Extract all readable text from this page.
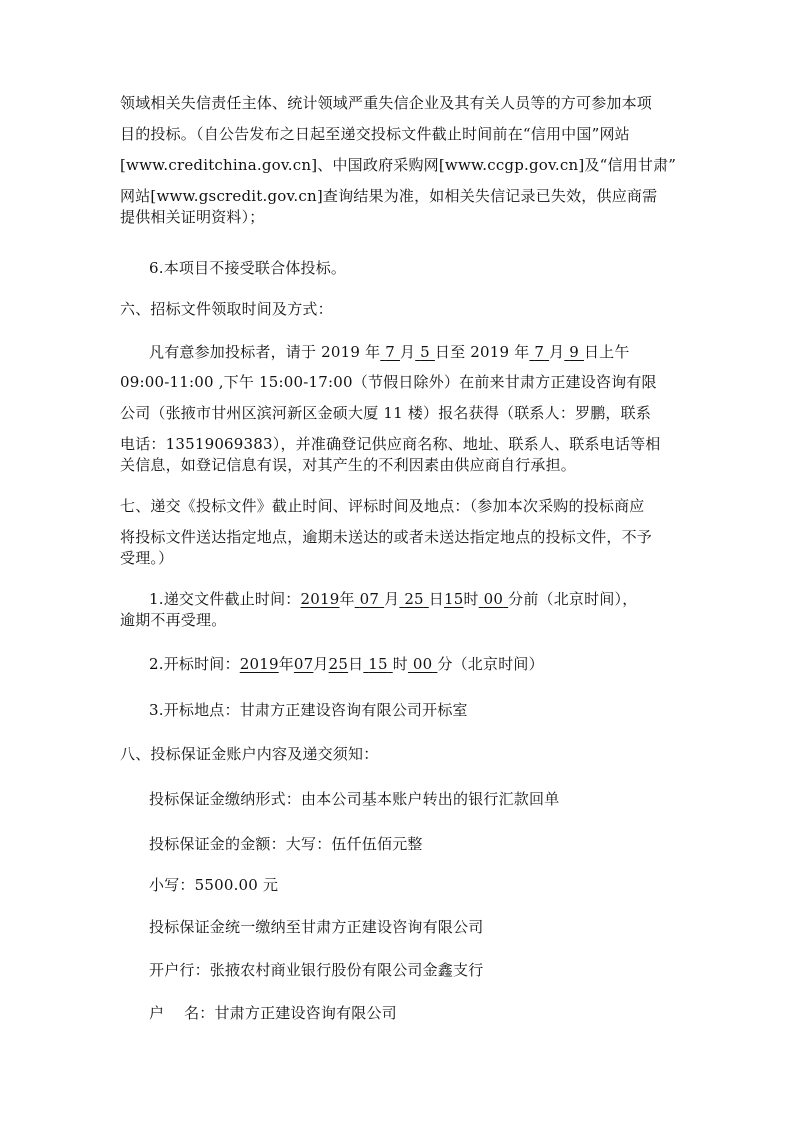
领域相关失信责任主体、统计领域严重失信企业及其有关人员等的方可参加本项
目的投标。（自公告发布之日起至递交投标文件截止时间前在“信用中国”网站
[www.creditchina.gov.cn]、中国政府采购网[www.ccgp.gov.cn]及“信用甘肃”
网站[www.gscredit.gov.cn]查询结果为准，如相关失信记录已失效，供应商需
提供相关证明资料）；
6.本项目不接受联合体投标。
六、招标文件领取时间及方式：
凡有意参加投标者，请于 2019 年 7 月 5 日至 2019 年 7 月 9 日上午
09:00-11:00 ,下午 15:00-17:00（节假日除外）在前来甘肃方正建设咨询有限
公司（张掖市甘州区滨河新区金硕大厦 11 楼）报名获得（联系人：罗鹏，联系
电话：13519069383），并准确登记供应商名称、地址、联系人、联系电话等相
关信息，如登记信息有误，对其产生的不利因素由供应商自行承担。
七、递交《投标文件》截止时间、评标时间及地点：（参加本次采购的投标商应
将投标文件送达指定地点，逾期未送达的或者未送达指定地点的投标文件，不予
受理。）
1.递交文件截止时间：2019年 07 月 25 日15时 00 分前（北京时间），
逾期不再受理。
2.开标时间：2019年07月25日 15 时 00 分（北京时间）
3.开标地点：甘肃方正建设咨询有限公司开标室
八、投标保证金账户内容及递交须知：
投标保证金缴纳形式：由本公司基本账户转出的银行汇款回单
投标保证金的金额：大写：伍仟伍佰元整
小写：5500.00 元
投标保证金统一缴纳至甘肃方正建设咨询有限公司
开户行：张掖农村商业银行股份有限公司金鑫支行
户    名：甘肃方正建设咨询有限公司
